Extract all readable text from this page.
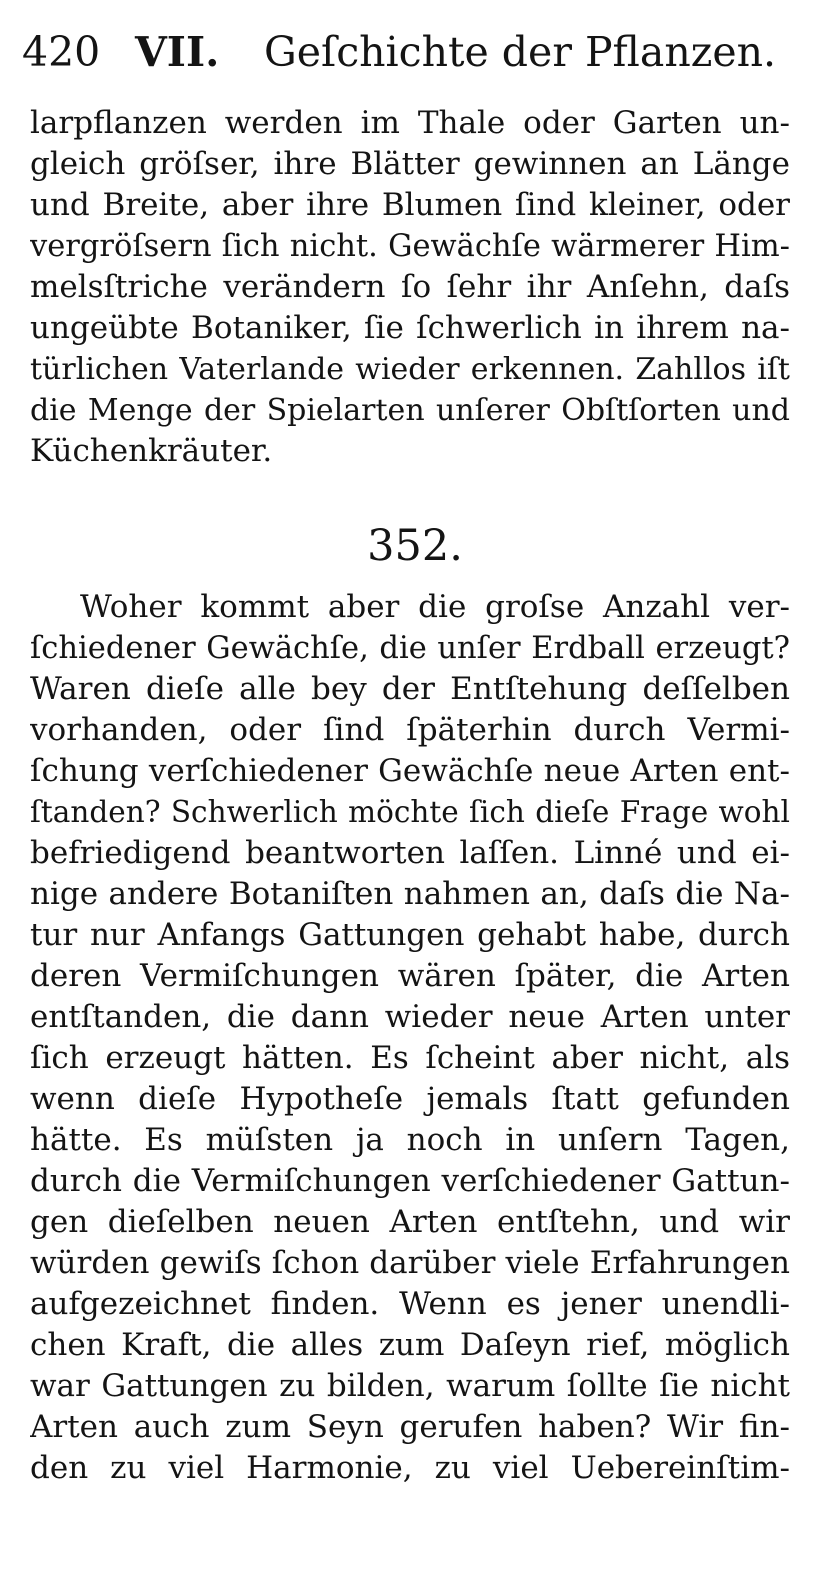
420 VII. Geſchichte der Pflanzen.
larpflanzen werden im Thale oder Garten un-
gleich gröſser, ihre Blätter gewinnen an Länge
und Breite, aber ihre Blumen ſind kleiner, oder
vergröſsern ſich nicht. Gewächſe wärmerer Him-
melsſtriche verändern ſo ſehr ihr Anſehn, daſs
ungeübte Botaniker, ſie ſchwerlich in ihrem na-
türlichen Vaterlande wieder erkennen. Zahllos iſt
die Menge der Spielarten unſerer Obſtſorten und
Küchenkräuter.
352.
Woher kommt aber die groſse Anzahl ver-
ſchiedener Gewächſe, die unſer Erdball erzeugt?
Waren dieſe alle bey der Entſtehung deſſelben
vorhanden, oder ſind ſpäterhin durch Vermi-
ſchung verſchiedener Gewächſe neue Arten ent-
ſtanden? Schwerlich möchte ſich dieſe Frage wohl
befriedigend beantworten laſſen. Linné und ei-
nige andere Botaniſten nahmen an, daſs die Na-
tur nur Anfangs Gattungen gehabt habe, durch
deren Vermiſchungen wären ſpäter, die Arten
entſtanden, die dann wieder neue Arten unter
ſich erzeugt hätten. Es ſcheint aber nicht, als
wenn dieſe Hypotheſe jemals ſtatt gefunden
hätte. Es müſsten ja noch in unſern Tagen,
durch die Vermiſchungen verſchiedener Gattun-
gen dieſelben neuen Arten entſtehn, und wir
würden gewiſs ſchon darüber viele Erfahrungen
aufgezeichnet finden. Wenn es jener unendli-
chen Kraft, die alles zum Daſeyn rief, möglich
war Gattungen zu bilden, warum ſollte ſie nicht
Arten auch zum Seyn gerufen haben? Wir fin-
den zu viel Harmonie, zu viel Uebereinſtim-
